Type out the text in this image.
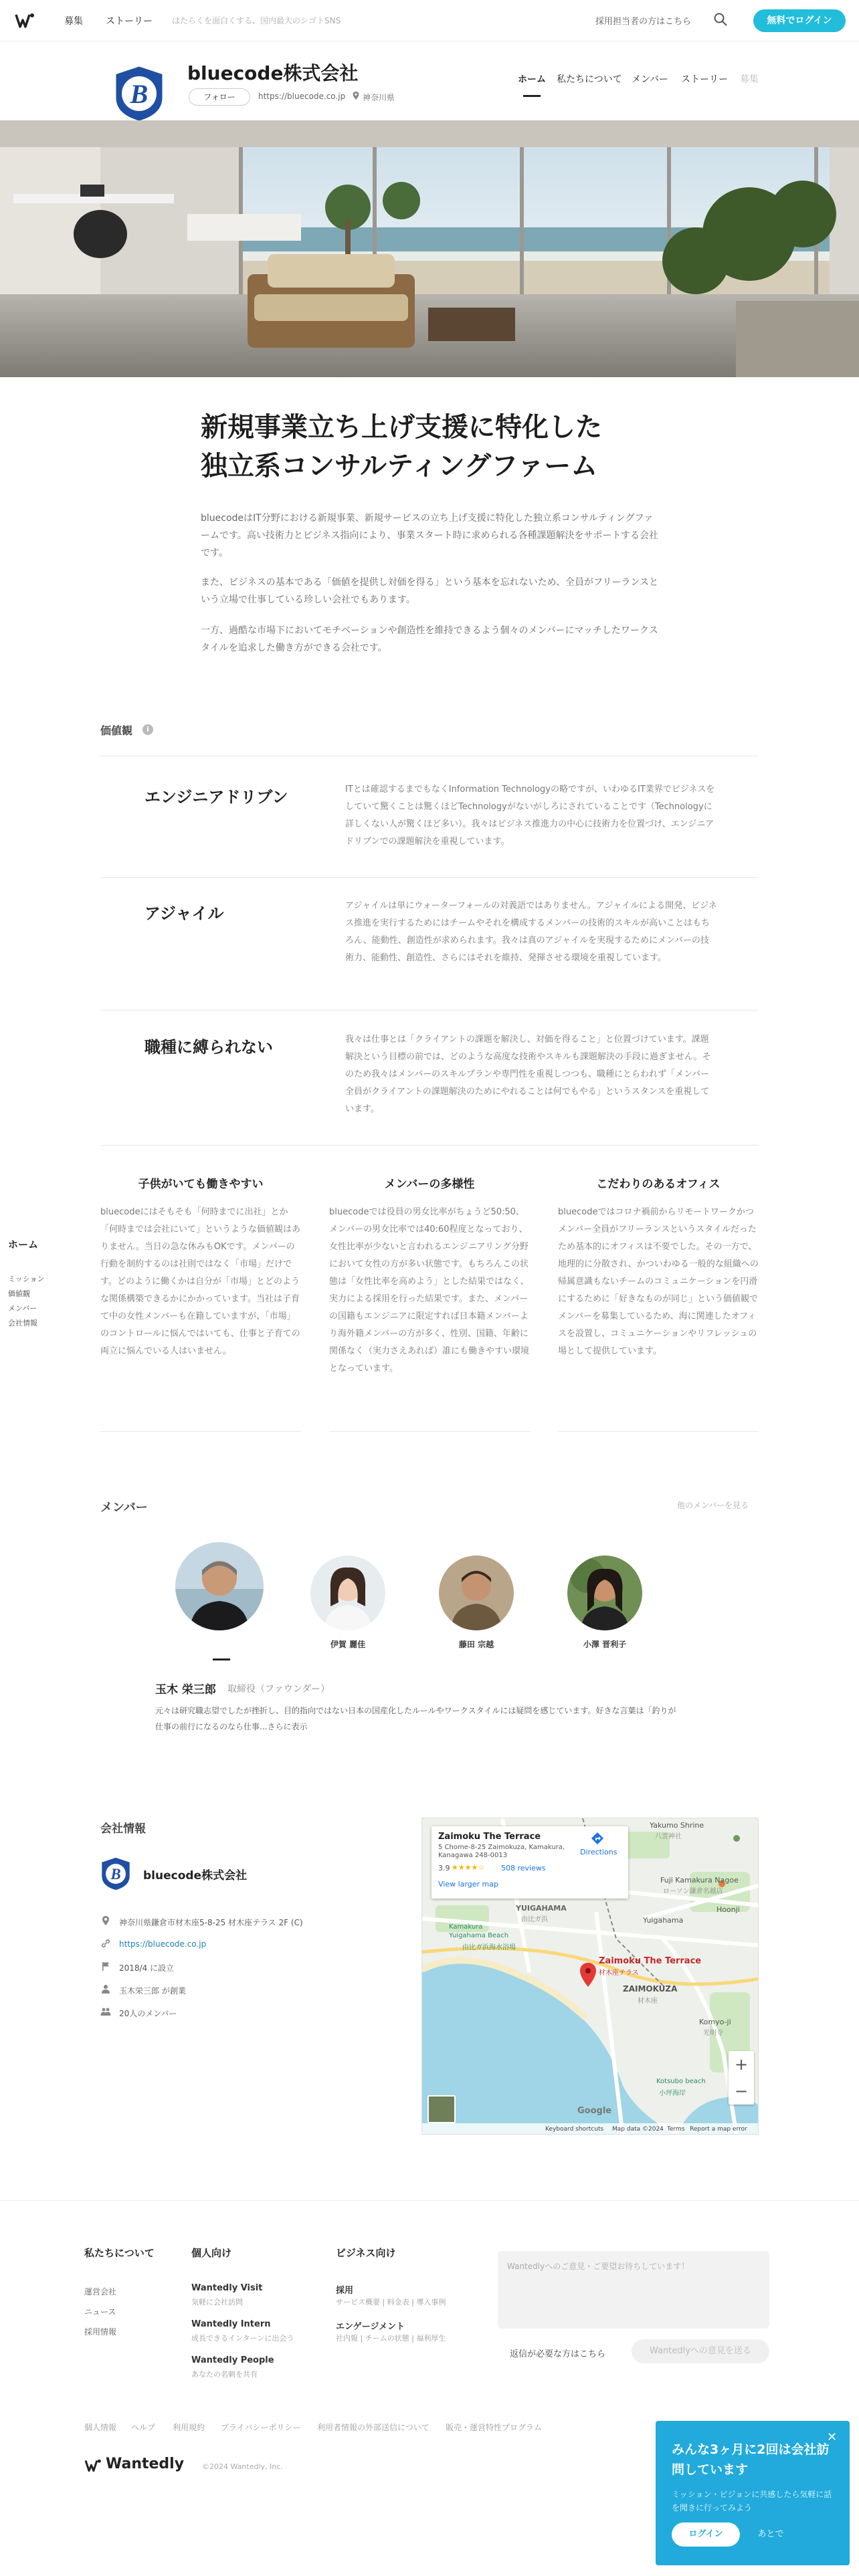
募集 ストーリー はたらくを面白くする、国内最大のシゴトSNS	採用担当者の方はこちら	無料でログイン
B
bluecode株式会社
フォロー	https://bluecode.co.jp 神奈川県
ホーム 私たちについて メンバー ストーリー 募集
新規事業立ち上げ支援に特化した
独立系コンサルティングファーム

bluecodeはIT分野における新規事業、新規サービスの立ち上げ支援に特化した独立系コンサルティングファームです。高い技術力とビジネス指向により、事業スタート時に求められる各種課題解決をサポートする会社です。

また、ビジネスの基本である「価値を提供し対価を得る」という基本を忘れないため、全員がフリーランスという立場で仕事している珍しい会社でもあります。

一方、過酷な市場下においてモチベーションや創造性を維持できるよう個々のメンバーにマッチしたワークスタイルを追求した働き方ができる会社です。

価値観	i
エンジニアドリブン	ITとは確認するまでもなくInformation Technologyの略ですが、いわゆるIT業界でビジネスをしていて驚くことは驚くほどTechnologyがないがしろにされていることです（Technologyに詳しくない人が驚くほど多い）。我々はビジネス推進力の中心に技術力を位置づけ、エンジニアドリブンでの課題解決を重視しています。

アジャイル	アジャイルは単にウォーターフォールの対義語ではありません。アジャイルによる開発、ビジネス推進を実行するためにはチームやそれを構成するメンバーの技術的スキルが高いことはもちろん、能動性、創造性が求められます。我々は真のアジャイルを実現するためにメンバーの技術力、能動性、創造性、さらにはそれを維持、発揮させる環境を重視しています。

職種に縛られない	我々は仕事とは「クライアントの課題を解決し、対価を得ること」と位置づけています。課題解決という目標の前では、どのような高度な技術やスキルも課題解決の手段に過ぎません。そのため我々はメンバーのスキルプランや専門性を重視しつつも、職種にとらわれず「メンバー全員がクライアントの課題解決のためにやれることは何でもやる」というスタンスを重視しています。

子供がいても働きやすい

bluecodeにはそもそも「何時までに出社」とか「何時までは会社にいて」というような価値観はありません。当日の急な休みもOKです。メンバーの行動を制約するのは社則ではなく「市場」だけです。どのように働くかは自分が「市場」とどのような関係構築できるかにかかっています。当社は子育て中の女性メンバーも在籍していますが、「市場」のコントロールに悩んではいても、仕事と子育ての両立に悩んでいる人はいません。

メンバーの多様性

bluecodeでは役員の男女比率がちょうど50:50、メンバーの男女比率では40:60程度となっており、女性比率が少ないと言われるエンジニアリング分野において女性の方が多い状態です。もちろんこの状態は「女性比率を高めよう」とした結果ではなく、実力による採用を行った結果です。また、メンバーの国籍もエンジニアに限定すれば日本籍メンバーより海外籍メンバーの方が多く、性別、国籍、年齢に関係なく（実力さえあれば）誰にも働きやすい環境となっています。

こだわりのあるオフィス

bluecodeではコロナ禍前からリモートワークかつメンバー全員がフリーランスというスタイルだったため基本的にオフィスは不要でした。その一方で、地理的に分散され、かついわゆる一般的な組織への帰属意識もないチームのコミュニケーションを円滑にするために「好きなものが同じ」という価値観でメンバーを募集しているため、海に関連したオフィスを設置し、コミュニケーションやリフレッシュの場として提供しています。

ホーム
ミッション
価値観
メンバー
会社情報
メンバー	他のメンバーを見る
伊賀 麗佳	藤田 宗越	小澤 晋利子
玉木 栄三郎 取締役（ファウンダー）

元々は研究職志望でしたが挫折し、目的指向ではない日本の国産化したルールやワークスタイルには疑問を感じています。好きな言葉は「釣りが仕事の前行になるのなら仕事...さらに表示

会社情報
B bluecode株式会社
神奈川県鎌倉市材木座5-8-25 材木座テラス 2F (C)
https://bluecode.co.jp
2018/4 に設立
玉木栄三郎 が創業
20人のメンバー
Yakumo Shrine
八雲神社
Fuji Kamakura Nagoe
ローソン鎌倉名越店
Yuigahama
Hoonji
YUIGAHAMA
由比ガ浜
Kamakura Yuigahama Beach
由比ガ浜海水浴場
Zaimoku The Terrace
材木座テラス
ZAIMOKUZA
材木座
Komyo-ji
光明寺
Kotsubo beach
小坪海岸
Google
Zaimoku The Terrace
5 Chome-8-25 Zaimokuza, Kamakura,
Kanagawa 248-0013
3.9 ★★★★☆ 508 reviews
View larger map
Directions
+
−
Keyboard shortcuts Map data ©2024 Terms Report a map error
私たちについて
運営会社
ニュース
採用情報
個人向け
Wantedly Visit
気軽に会社訪問
Wantedly Intern
成長できるインターンに出会う
Wantedly People
あなたの名刺を共有
ビジネス向け
採用
サービス概要 | 料金表 | 導入事例
エンゲージメント
社内報 | チームの状態 | 福利厚生
Wantedlyへのご意見・ご要望お待ちしています！
返信が必要な方はこちら	Wantedlyへの意見を送る
個人情報 ヘルプ 利用規約 プライバシーポリシー 利用者情報の外部送信について 販売・運営特性プログラム
Wantedly ©2024 Wantedly, Inc.
✕
みんな3ヶ月に2回は会社訪問しています
ミッション・ビジョンに共感したら気軽に話を聞きに行ってみよう
ログイン	あとで
